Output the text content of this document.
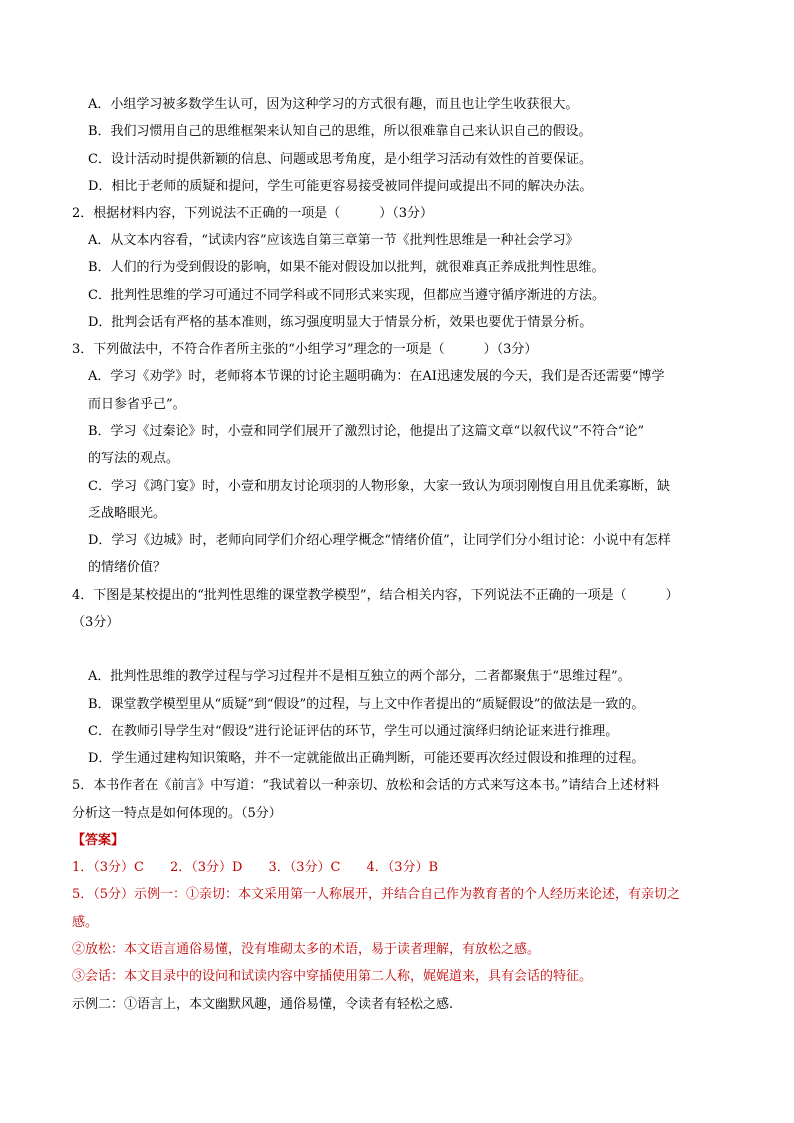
A．小组学习被多数学生认可，因为这种学习的方式很有趣，而且也让学生收获很大。
B．我们习惯用自己的思维框架来认知自己的思维，所以很难靠自己来认识自己的假设。
C．设计活动时提供新颖的信息、问题或思考角度，是小组学习活动有效性的首要保证。
D．相比于老师的质疑和提问，学生可能更容易接受被同伴提问或提出不同的解决办法。
2．根据材料内容，下列说法不正确的一项是（　　　）（3分）
A．从文本内容看，“试读内容”应该选自第三章第一节《批判性思维是一种社会学习》
B．人们的行为受到假设的影响，如果不能对假设加以批判，就很难真正养成批判性思维。
C．批判性思维的学习可通过不同学科或不同形式来实现，但都应当遵守循序渐进的方法。
D．批判会话有严格的基本准则，练习强度明显大于情景分析，效果也要优于情景分析。
3．下列做法中，不符合作者所主张的“小组学习”理念的一项是（　　　）（3分）
A．学习《劝学》时，老师将本节课的讨论主题明确为：在AI迅速发展的今天，我们是否还需要“博学
而日参省乎己”。
B．学习《过秦论》时，小壹和同学们展开了激烈讨论，他提出了这篇文章“以叙代议”不符合“论”
的写法的观点。
C．学习《鸿门宴》时，小壹和朋友讨论项羽的人物形象，大家一致认为项羽刚愎自用且优柔寡断，缺
乏战略眼光。
D．学习《边城》时，老师向同学们介绍心理学概念“情绪价值”，让同学们分小组讨论：小说中有怎样
的情绪价值？
4．下图是某校提出的“批判性思维的课堂教学模型”，结合相关内容，下列说法不正确的一项是（　　　）
（3分）
A．批判性思维的教学过程与学习过程并不是相互独立的两个部分，二者都聚焦于“思维过程”。
B．课堂教学模型里从“质疑”到“假设”的过程，与上文中作者提出的“质疑假设”的做法是一致的。
C．在教师引导学生对“假设”进行论证评估的环节，学生可以通过演绎归纳论证来进行推理。
D．学生通过建构知识策略，并不一定就能做出正确判断，可能还要再次经过假设和推理的过程。
5．本书作者在《前言》中写道：“我试着以一种亲切、放松和会话的方式来写这本书。”请结合上述材料
分析这一特点是如何体现的。（5分）
【答案】
1．（3分）C　　2．（3分）D　　3．（3分）C　　4．（3分）B
5．（5分）示例一：①亲切：本文采用第一人称展开，并结合自己作为教育者的个人经历来论述，有亲切之
感。
②放松：本文语言通俗易懂，没有堆砌太多的术语，易于读者理解，有放松之感。
③会话：本文目录中的设问和试读内容中穿插使用第二人称，娓娓道来，具有会话的特征。
示例二：①语言上，本文幽默风趣，通俗易懂，令读者有轻松之感.
